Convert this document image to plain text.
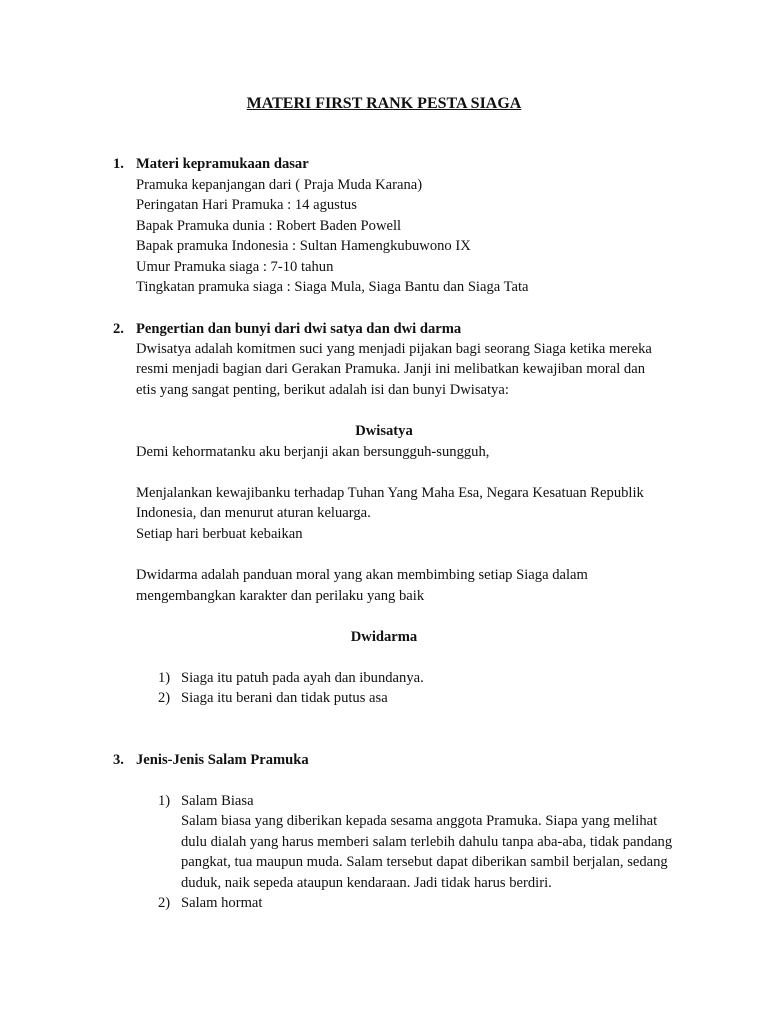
MATERI FIRST RANK PESTA SIAGA
1. Materi kepramukaan dasar
Pramuka kepanjangan dari ( Praja Muda Karana)
Peringatan Hari Pramuka : 14 agustus
Bapak Pramuka dunia : Robert Baden Powell
Bapak pramuka Indonesia : Sultan Hamengkubuwono IX
Umur Pramuka siaga : 7-10 tahun
Tingkatan pramuka siaga : Siaga Mula, Siaga Bantu dan Siaga Tata
2. Pengertian dan bunyi dari dwi satya dan dwi darma
Dwisatya adalah komitmen suci yang menjadi pijakan bagi seorang Siaga ketika mereka
resmi menjadi bagian dari Gerakan Pramuka. Janji ini melibatkan kewajiban moral dan
etis yang sangat penting, berikut adalah isi dan bunyi Dwisatya:
Dwisatya
Demi kehormatanku aku berjanji akan bersungguh-sungguh,
Menjalankan kewajibanku terhadap Tuhan Yang Maha Esa, Negara Kesatuan Republik
Indonesia, dan menurut aturan keluarga.
Setiap hari berbuat kebaikan
Dwidarma adalah panduan moral yang akan membimbing setiap Siaga dalam
mengembangkan karakter dan perilaku yang baik
Dwidarma
1) Siaga itu patuh pada ayah dan ibundanya.
2) Siaga itu berani dan tidak putus asa
3. Jenis-Jenis Salam Pramuka
1) Salam Biasa
Salam biasa yang diberikan kepada sesama anggota Pramuka. Siapa yang melihat
dulu dialah yang harus memberi salam terlebih dahulu tanpa aba-aba, tidak pandang
pangkat, tua maupun muda. Salam tersebut dapat diberikan sambil berjalan, sedang
duduk, naik sepeda ataupun kendaraan. Jadi tidak harus berdiri.
2) Salam hormat
